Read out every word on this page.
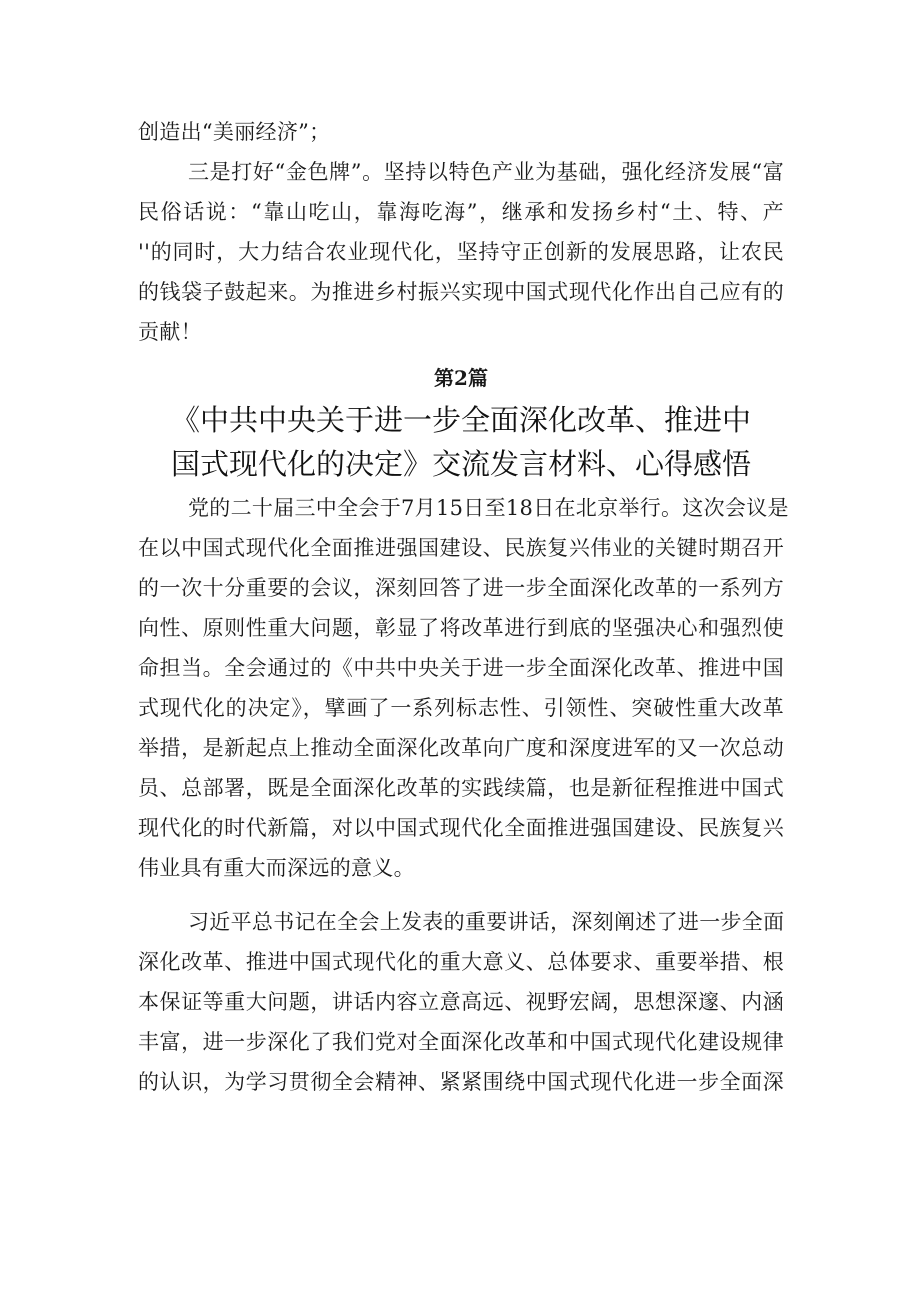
创造出“美丽经济”；
三是打好“金色牌”。坚持以特色产业为基础，强化经济发展“富
民俗话说：“靠山吃山，靠海吃海”，继承和发扬乡村“土、特、产
''的同时，大力结合农业现代化，坚持守正创新的发展思路，让农民
的钱袋子鼓起来。为推进乡村振兴实现中国式现代化作出自己应有的
贡献！
第2篇
《中共中央关于进一步全面深化改革、推进中
国式现代化的决定》交流发言材料、心得感悟
党的二十届三中全会于7月15日至18日在北京举行。这次会议是
在以中国式现代化全面推进强国建设、民族复兴伟业的关键时期召开
的一次十分重要的会议，深刻回答了进一步全面深化改革的一系列方
向性、原则性重大问题，彰显了将改革进行到底的坚强决心和强烈使
命担当。全会通过的《中共中央关于进一步全面深化改革、推进中国
式现代化的决定》，擘画了一系列标志性、引领性、突破性重大改革
举措，是新起点上推动全面深化改革向广度和深度进军的又一次总动
员、总部署，既是全面深化改革的实践续篇，也是新征程推进中国式
现代化的时代新篇，对以中国式现代化全面推进强国建设、民族复兴
伟业具有重大而深远的意义。
习近平总书记在全会上发表的重要讲话，深刻阐述了进一步全面
深化改革、推进中国式现代化的重大意义、总体要求、重要举措、根
本保证等重大问题，讲话内容立意高远、视野宏阔，思想深邃、内涵
丰富，进一步深化了我们党对全面深化改革和中国式现代化建设规律
的认识，为学习贯彻全会精神、紧紧围绕中国式现代化进一步全面深
